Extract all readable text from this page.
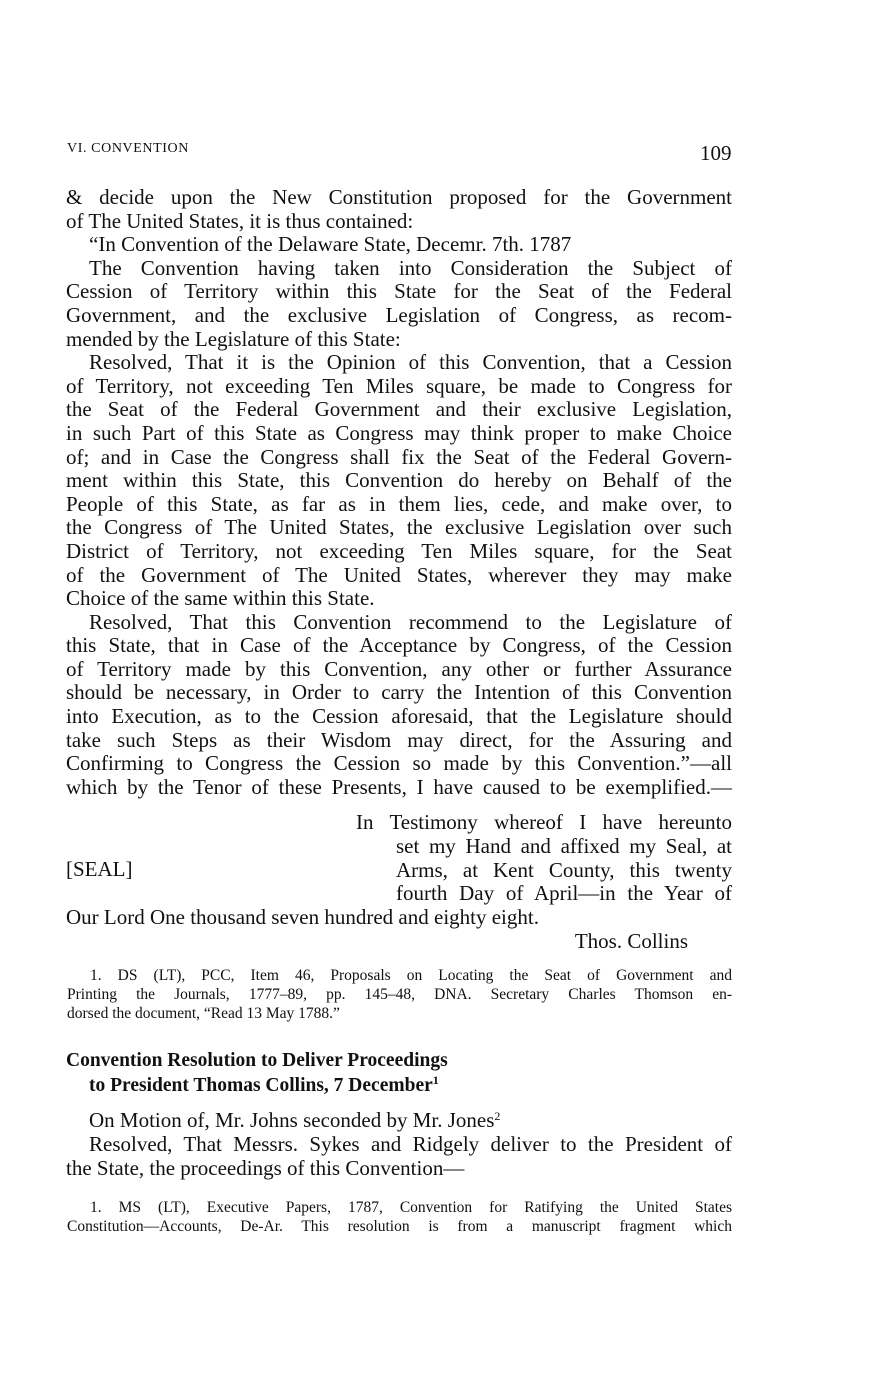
VI. CONVENTION	109
& decide upon the New Constitution proposed for the Government
of The United States, it is thus contained:
“In Convention of the Delaware State, Decemr. 7th. 1787
The Convention having taken into Consideration the Subject of
Cession of Territory within this State for the Seat of the Federal
Government, and the exclusive Legislation of Congress, as recom-
mended by the Legislature of this State:
Resolved, That it is the Opinion of this Convention, that a Cession
of Territory, not exceeding Ten Miles square, be made to Congress for
the Seat of the Federal Government and their exclusive Legislation,
in such Part of this State as Congress may think proper to make Choice
of; and in Case the Congress shall fix the Seat of the Federal Govern-
ment within this State, this Convention do hereby on Behalf of the
People of this State, as far as in them lies, cede, and make over, to
the Congress of The United States, the exclusive Legislation over such
District of Territory, not exceeding Ten Miles square, for the Seat
of the Government of The United States, wherever they may make
Choice of the same within this State.
Resolved, That this Convention recommend to the Legislature of
this State, that in Case of the Acceptance by Congress, of the Cession
of Territory made by this Convention, any other or further Assurance
should be necessary, in Order to carry the Intention of this Convention
into Execution, as to the Cession aforesaid, that the Legislature should
take such Steps as their Wisdom may direct, for the Assuring and
Confirming to Congress the Cession so made by this Convention.”—all
which by the Tenor of these Presents, I have caused to be exemplified.—
In Testimony whereof I have hereunto
set my Hand and affixed my Seal, at
Arms, at Kent County, this twenty
fourth Day of April—in the Year of
[SEAL]
Our Lord One thousand seven hundred and eighty eight.
Thos. Collins
1. DS (LT), PCC, Item 46, Proposals on Locating the Seat of Government and
Printing the Journals, 1777–89, pp. 145–48, DNA. Secretary Charles Thomson en-
dorsed the document, “Read 13 May 1788.”
Convention Resolution to Deliver Proceedings
to President Thomas Collins, 7 December$^1$
On Motion of, Mr. Johns seconded by Mr. Jones$^2$
Resolved, That Messrs. Sykes and Ridgely deliver to the President of
the State, the proceedings of this Convention—
1. MS (LT), Executive Papers, 1787, Convention for Ratifying the United States
Constitution—Accounts, De-Ar. This resolution is from a manuscript fragment which
